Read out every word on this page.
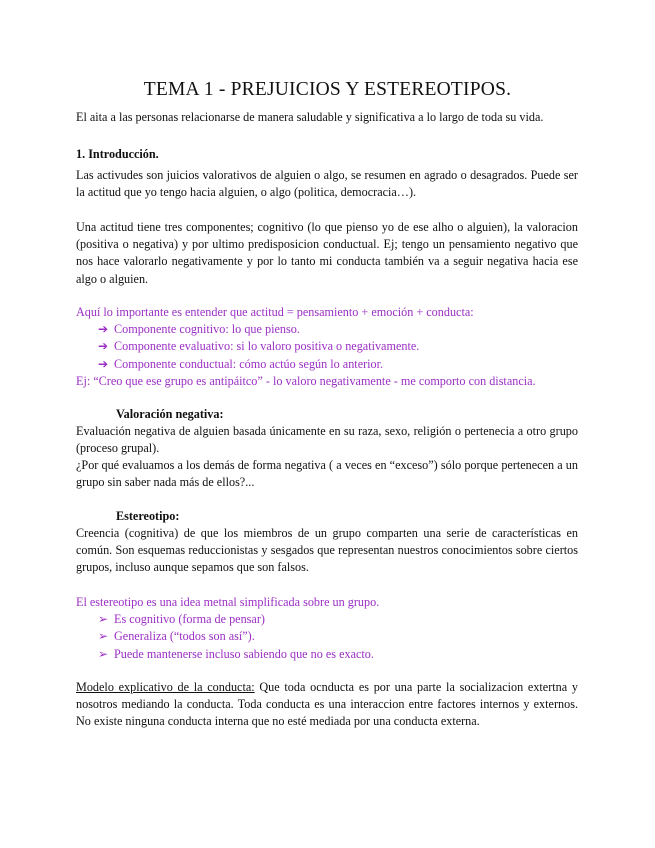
TEMA 1 - PREJUICIOS Y ESTEREOTIPOS.
El aita a las personas relacionarse de manera saludable y significativa a lo largo de toda su vida.
1. Introducción.
Las activudes son juicios valorativos de alguien o algo, se resumen en agrado o desagrados. Puede ser la actitud que yo tengo hacia alguien, o algo (politica, democracia…).
Una actitud tiene tres componentes; cognitivo (lo que pienso yo de ese alho o alguien), la valoracion (positiva o negativa) y por ultimo predisposicion conductual. Ej; tengo un pensamiento negativo que nos hace valorarlo negativamente y por lo tanto mi conducta también va a seguir negativa hacia ese algo o alguien.
Aquí lo importante es entender que actitud = pensamiento + emoción + conducta:
➔ Componente cognitivo: lo que pienso.
➔ Componente evaluativo: si lo valoro positiva o negativamente.
➔ Componente conductual: cómo actúo según lo anterior.
Ej: “Creo que ese grupo es antipáitco” - lo valoro negativamente - me comporto con distancia.
Valoración negativa:
Evaluación negativa de alguien basada únicamente en su raza, sexo, religión o pertenecia a otro grupo (proceso grupal).
¿Por qué evaluamos a los demás de forma negativa ( a veces en “exceso”) sólo porque pertenecen a un grupo sin saber nada más de ellos?...
Estereotipo:
Creencia (cognitiva) de que los miembros de un grupo comparten una serie de características en común. Son esquemas reduccionistas y sesgados que representan nuestros conocimientos sobre ciertos grupos, incluso aunque sepamos que son falsos.
El estereotipo es una idea metnal simplificada sobre un grupo.
➢ Es cognitivo (forma de pensar)
➢ Generaliza (“todos son así”).
➢ Puede mantenerse incluso sabiendo que no es exacto.
Modelo explicativo de la conducta: Que toda ocnducta es por una parte la socializacion extertna y nosotros mediando la conducta. Toda conducta es una interaccion entre factores internos y externos. No existe ninguna conducta interna que no esté mediada por una conducta externa.
